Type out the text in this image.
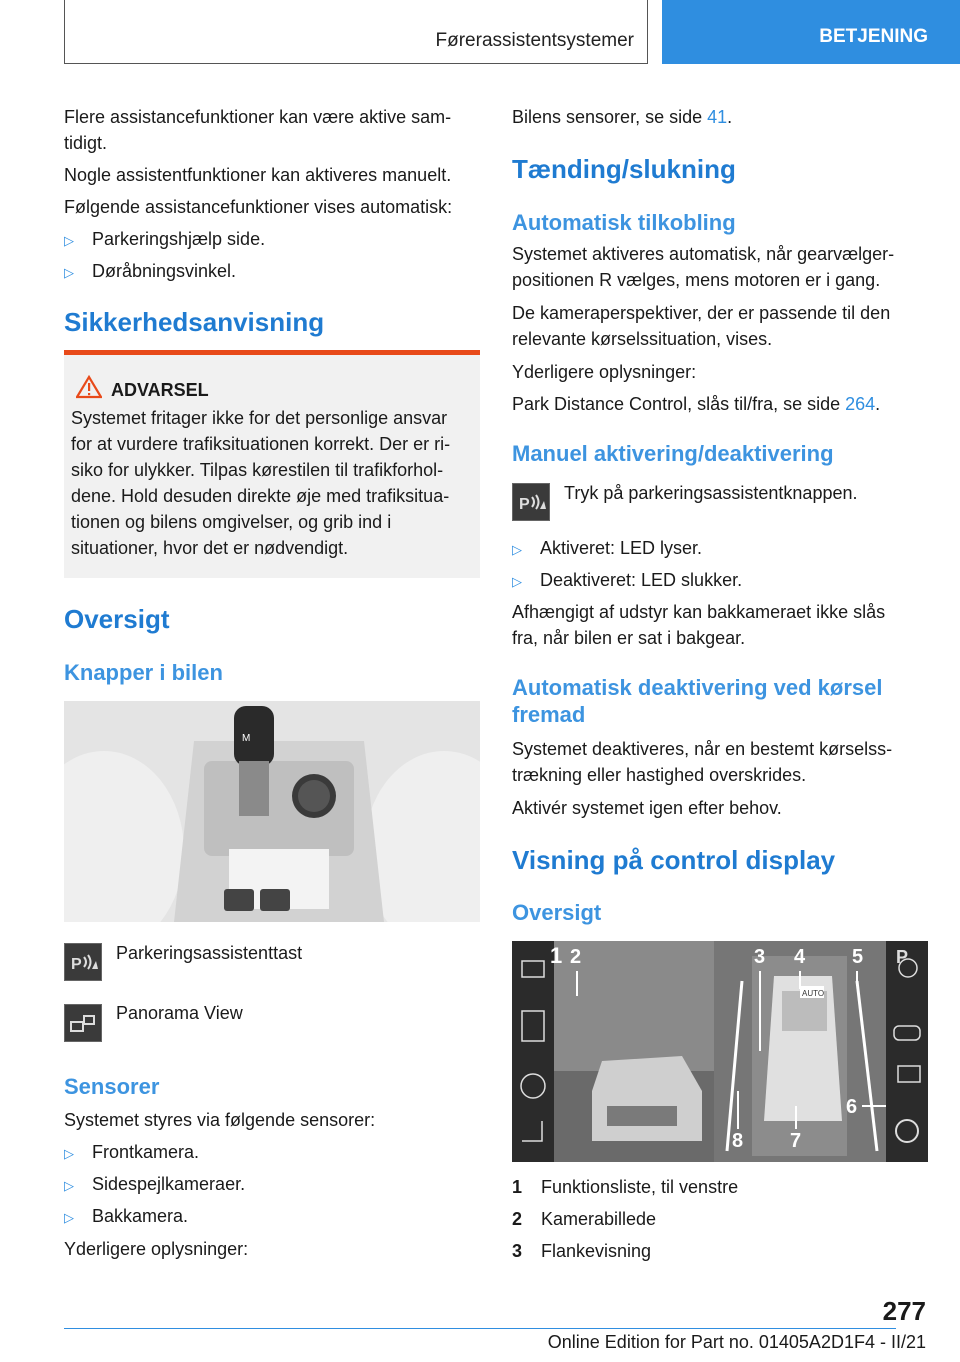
Førerassistentsystemer	BETJENING
Flere assistancefunktioner kan være aktive sam‐
tidigt.
Nogle assistentfunktioner kan aktiveres manuelt.
Følgende assistancefunktioner vises automatisk:
▷ Parkeringshjælp side.
▷ Døråbningsvinkel.
Sikkerhedsanvisning
ADVARSEL
Systemet fritager ikke for det personlige ansvar
for at vurdere trafiksituationen korrekt. Der er ri‐
siko for ulykker. Tilpas kørestilen til trafikforhol‐
dene. Hold desuden direkte øje med trafiksitua‐
tionen og bilens omgivelser, og grib ind i
situationer, hvor det er nødvendigt.
Oversigt
Knapper i bilen
M
P
Parkeringsassistenttast
Panorama View
Sensorer
Systemet styres via følgende sensorer:
▷ Frontkamera.
▷ Sidespejlkameraer.
▷ Bakkamera.
Yderligere oplysninger:
Bilens sensorer, se side 41.
Tænding/slukning
Automatisk tilkobling
Systemet aktiveres automatisk, når gearvælger‐
positionen R vælges, mens motoren er i gang.
De kameraperspektiver, der er passende til den
relevante kørselssituation, vises.
Yderligere oplysninger:
Park Distance Control, slås til/fra, se side 264.
Manuel aktivering/deaktivering
P
Tryk på parkeringsassistentknappen.
▷ Aktiveret: LED lyser.
▷ Deaktiveret: LED slukker.
Afhængigt af udstyr kan bakkameraet ikke slås
fra, når bilen er sat i bakgear.
Automatisk deaktivering ved kørsel
fremad
Systemet deaktiveres, når en bestemt kørselss‐
trækning eller hastighed overskrides.
Aktivér systemet igen efter behov.
Visning på control display
Oversigt
AUTO
P
1 2	3 4 5
6
7
8
1 Funktionsliste, til venstre
2 Kamerabillede
3 Flankevisning
277
Online Edition for Part no. 01405A2D1F4 - II/21
